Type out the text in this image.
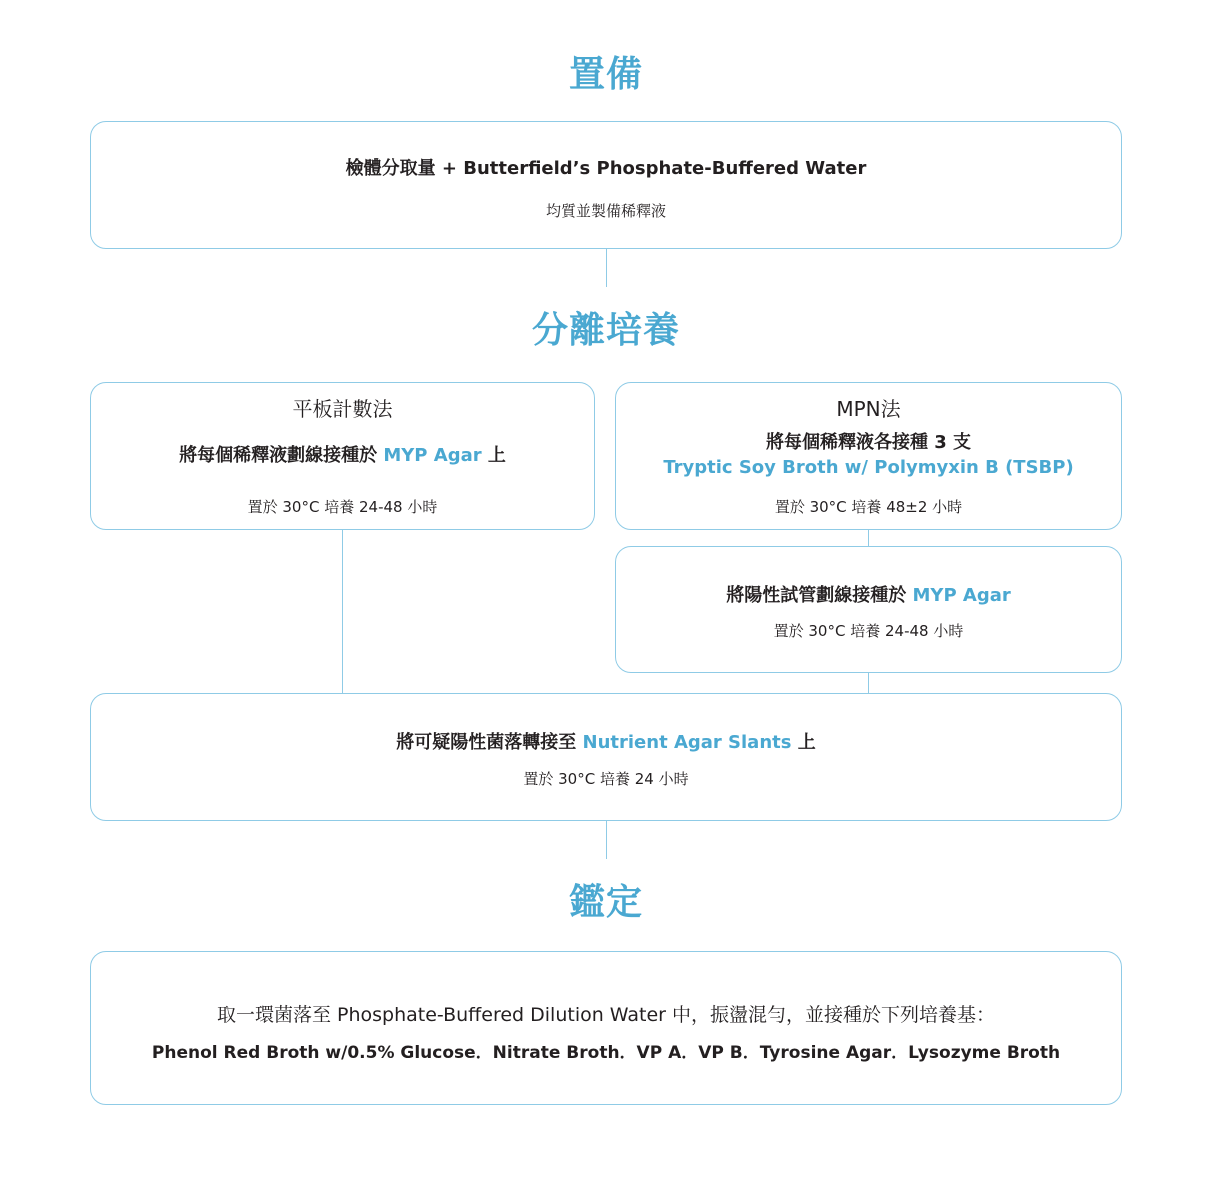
置備
檢體分取量 + Butterfield’s Phosphate-Buffered Water
均質並製備稀釋液
分離培養
平板計數法
將每個稀釋液劃線接種於 MYP Agar 上
置於 30°C 培養 24-48 小時
MPN法
將每個稀釋液各接種 3 支
Tryptic Soy Broth w/ Polymyxin B (TSBP)
置於 30°C 培養 48±2 小時
將陽性試管劃線接種於 MYP Agar
置於 30°C 培養 24-48 小時
將可疑陽性菌落轉接至 Nutrient Agar Slants 上
置於 30°C 培養 24 小時
鑑定
取一環菌落至 Phosphate-Buffered Dilution Water 中，振盪混勻，並接種於下列培養基：
Phenol Red Broth w/0.5% Glucose．Nitrate Broth．VP A．VP B．Tyrosine Agar．Lysozyme Broth
